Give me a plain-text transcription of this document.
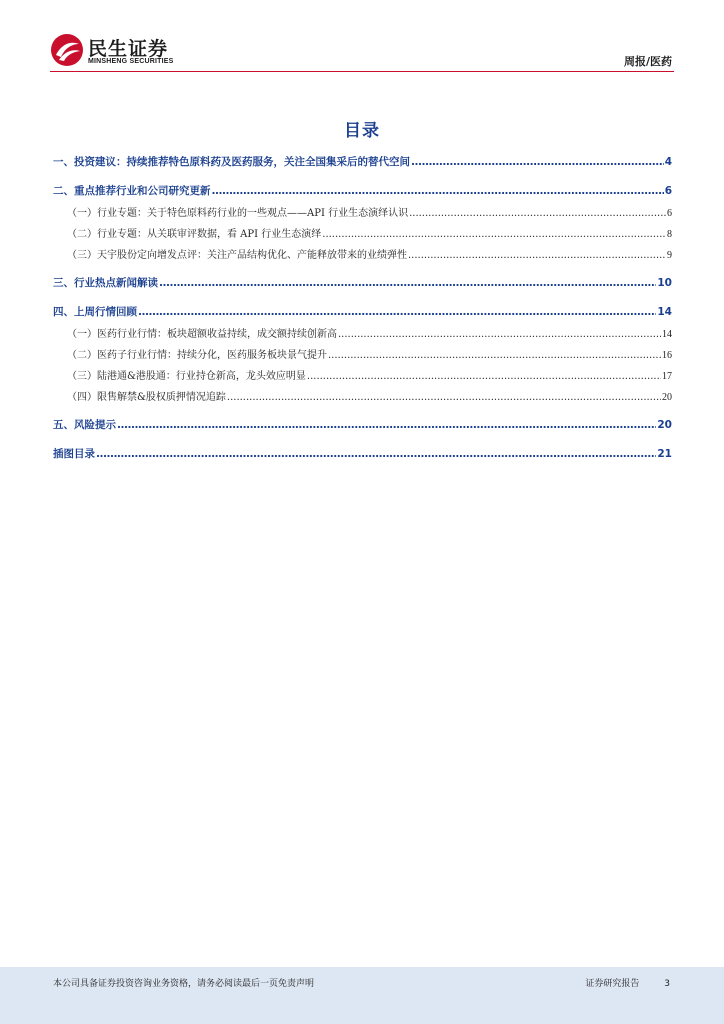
民生证券
MINSHENG SECURITIES	周报/医药
目录
一、投资建议：持续推荐特色原料药及医药服务，关注全国集采后的替代空间 .....	4
二、重点推荐行业和公司研究更新 .....	6
（一）行业专题：关于特色原料药行业的一些观点——API 行业生态演绎认识 .....	6
（二）行业专题：从关联审评数据，看 API 行业生态演绎 .....	8
（三）天宇股份定向增发点评：关注产品结构优化、产能释放带来的业绩弹性 .....	9
三、行业热点新闻解读 .....	10
四、上周行情回顾 .....	14
（一）医药行业行情：板块超额收益持续，成交额持续创新高 .....	14
（二）医药子行业行情：持续分化，医药服务板块景气提升 .....	16
（三）陆港通&港股通：行业持仓新高，龙头效应明显 .....	17
（四）限售解禁&股权质押情况追踪 .....	20
五、风险提示 .....	20
插图目录 .....	21
本公司具备证券投资咨询业务资格，请务必阅读最后一页免责声明	证券研究报告	3
